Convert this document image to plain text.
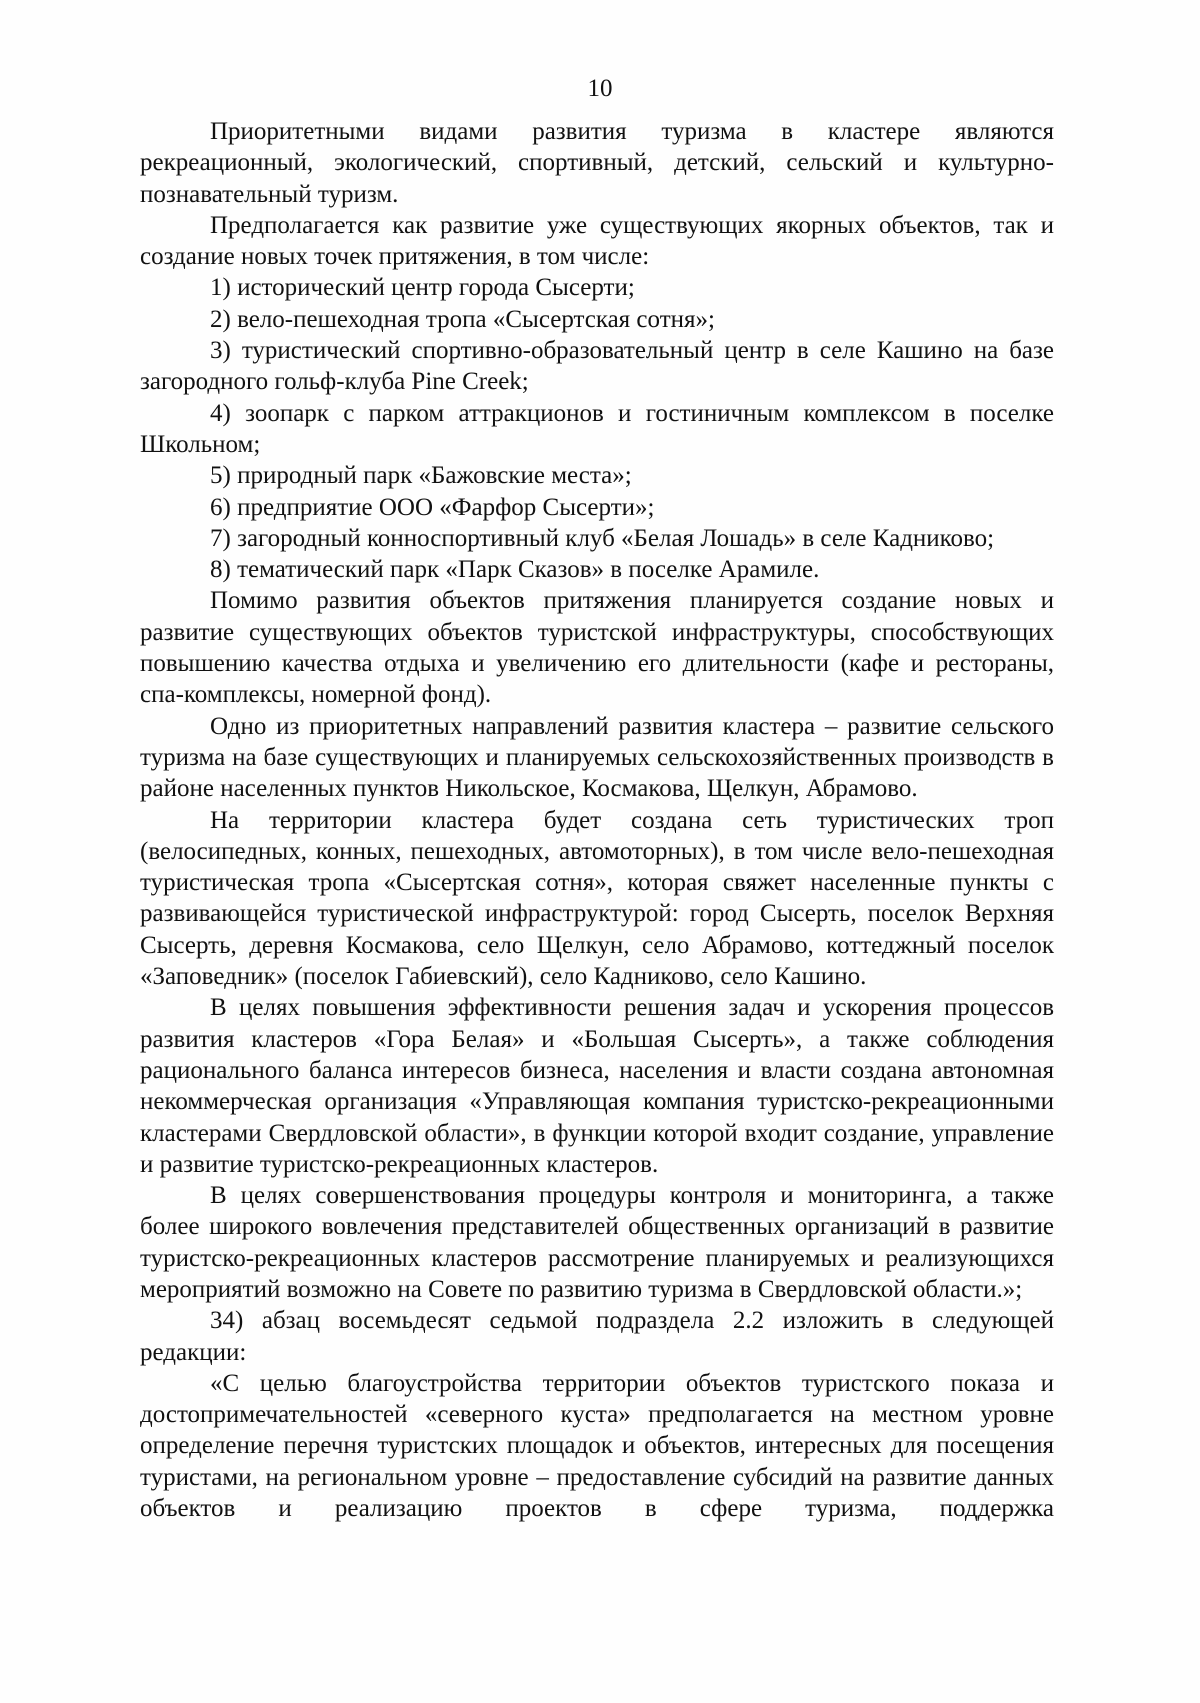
10

Приоритетными видами развития туризма в кластере являются рекреационный, экологический, спортивный, детский, сельский и культурно-познавательный туризм.

Предполагается как развитие уже существующих якорных объектов, так и создание новых точек притяжения, в том числе:

1) исторический центр города Сысерти;

2) вело-пешеходная тропа «Сысертская сотня»;

3) туристический спортивно-образовательный центр в селе Кашино на базе загородного гольф-клуба Pine Creek;

4) зоопарк с парком аттракционов и гостиничным комплексом в поселке Школьном;

5) природный парк «Бажовские места»;

6) предприятие ООО «Фарфор Сысерти»;

7) загородный конноспортивный клуб «Белая Лошадь» в селе Кадниково;

8) тематический парк «Парк Сказов» в поселке Арамиле.

Помимо развития объектов притяжения планируется создание новых и развитие существующих объектов туристской инфраструктуры, способствующих повышению качества отдыха и увеличению его длительности (кафе и рестораны, спа-комплексы, номерной фонд).

Одно из приоритетных направлений развития кластера – развитие сельского туризма на базе существующих и планируемых сельскохозяйственных производств в районе населенных пунктов Никольское, Космакова, Щелкун, Абрамово.

На территории кластера будет создана сеть туристических троп (велосипедных, конных, пешеходных, автомоторных), в том числе вело-пешеходная туристическая тропа «Сысертская сотня», которая свяжет населенные пункты с развивающейся туристической инфраструктурой: город Сысерть, поселок Верхняя Сысерть, деревня Космакова, село Щелкун, село Абрамово, коттеджный поселок «Заповедник» (поселок Габиевский), село Кадниково, село Кашино.

В целях повышения эффективности решения задач и ускорения процессов развития кластеров «Гора Белая» и «Большая Сысерть», а также соблюдения рационального баланса интересов бизнеса, населения и власти создана автономная некоммерческая организация «Управляющая компания туристско-рекреационными кластерами Свердловской области», в функции которой входит создание, управление и развитие туристско-рекреационных кластеров.

В целях совершенствования процедуры контроля и мониторинга, а также более широкого вовлечения представителей общественных организаций в развитие туристско-рекреационных кластеров рассмотрение планируемых и реализующихся мероприятий возможно на Совете по развитию туризма в Свердловской области.»;

34) абзац восемьдесят седьмой подраздела 2.2 изложить в следующей редакции:

«С целью благоустройства территории объектов туристского показа и достопримечательностей «северного куста» предполагается на местном уровне определение перечня туристских площадок и объектов, интересных для посещения туристами, на региональном уровне – предоставление субсидий на развитие данных объектов и реализацию проектов в сфере туризма, поддержка
